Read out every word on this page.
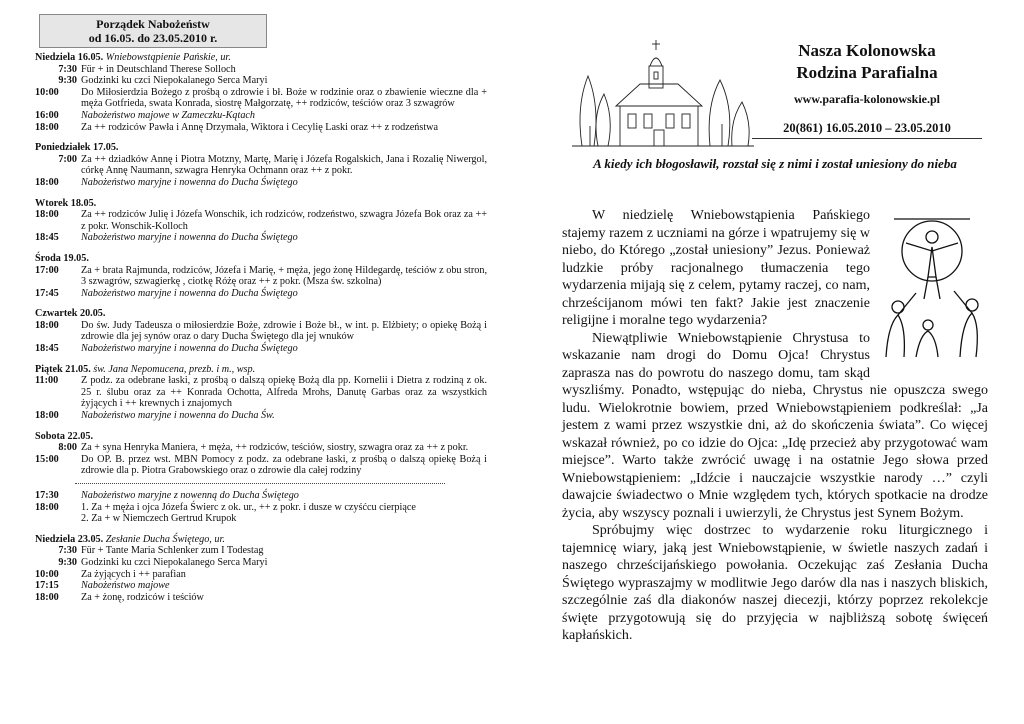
Porządek Nabożeństw
od 16.05. do 23.05.2010 r.
Niedziela 16.05. Wniebowstąpienie Pańskie, ur.
7:30 Für + in Deutschland Therese Solloch
9:30 Godzinki ku czci Niepokalanego Serca Maryi
10:00	Do Miłosierdzia Bożego z prośbą o zdrowie i bł. Boże w rodzinie oraz o zbawienie wieczne dla + męża Gotfrieda, swata Konrada, siostrę Małgorzatę, ++ rodziców, teściów oraz 3 szwagrów
16:00	Nabożeństwo majowe w Zameczku-Kątach
18:00	Za ++ rodziców Pawła i Annę Drzymała, Wiktora i Cecylię Laski oraz ++ z rodzeństwa
Poniedziałek 17.05.
7:00 Za ++ dziadków Annę i Piotra Motzny, Martę, Marię i Józefa Rogalskich, Jana i Rozalię Niwergol, córkę Annę Naumann, szwagra Henryka Ochmann oraz ++ z pokr.
18:00	Nabożeństwo maryjne i nowenna do Ducha Świętego
Wtorek 18.05.
18:00	Za ++ rodziców Julię i Józefa Wonschik, ich rodziców, rodzeństwo, szwagra Józefa Bok oraz za ++ z pokr. Wonschik-Kolloch
18:45	Nabożeństwo maryjne i nowenna do Ducha Świętego
Środa 19.05.
17:00	Za + brata Rajmunda, rodziców, Józefa i Marię, + męża, jego żonę Hildegardę, teściów z obu stron, 3 szwagrów, szwagierkę , ciotkę Różę oraz ++ z pokr. (Msza św. szkolna)
17:45	Nabożeństwo maryjne i nowenna do Ducha Świętego
Czwartek 20.05.
18:00	Do św. Judy Tadeusza o miłosierdzie Boże, zdrowie i Boże bł., w int. p. Elżbiety; o opiekę Bożą i zdrowie dla jej synów oraz o dary Ducha Świętego dla jej wnuków
18:45	Nabożeństwo maryjne i nowenna do Ducha Świętego
Piątek 21.05. św. Jana Nepomucena, prezb. i m., wsp.
11:00	Z podz. za odebrane łaski, z prośbą o dalszą opiekę Bożą dla pp. Kornelii i Dietra z rodziną z ok. 25 r. ślubu oraz za ++ Konrada Ochotta, Alfreda Mrohs, Danutę Garbas oraz za wszystkich żyjących i ++ krewnych i znajomych
18:00	Nabożeństwo maryjne i nowenna do Ducha Św.
Sobota 22.05.
8:00 Za + syna Henryka Maniera, + męża, ++ rodziców, teściów, siostry, szwagra oraz za ++ z pokr.
15:00	Do OP. B. przez wst. MBN Pomocy z podz. za odebrane łaski, z prośbą o dalszą opiekę Bożą i zdrowie dla p. Piotra Grabowskiego oraz o zdrowie dla całej rodziny
17:30	Nabożeństwo maryjne z nowenną do Ducha Świętego
18:00	1. Za + męża i ojca Józefa Świerc z ok. ur., ++ z pokr. i dusze w czyśćcu cierpiące
2. Za + w Niemczech Gertrud Krupok
Niedziela 23.05. Zesłanie Ducha Świętego, ur.
7:30 Für + Tante Maria Schlenker zum I Todestag
9:30 Godzinki ku czci Niepokalanego Serca Maryi
10:00	Za żyjących i ++ parafian
17:15	Nabożeństwo majowe
18:00	Za + żonę, rodziców i teściów
Nasza Kolonowska
Rodzina Parafialna
www.parafia-kolonowskie.pl
20(861) 16.05.2010 – 23.05.2010
A kiedy ich błogosławił, rozstał się z nimi i został uniesiony do nieba

W niedzielę Wniebowstąpienia Pańskiego stajemy razem z uczniami na górze i wpatrujemy się w niebo, do Którego „został uniesiony” Jezus. Ponieważ ludzkie próby racjonalnego tłumaczenia tego wydarzenia mijają się z celem, pytamy raczej, co nam, chrześcijanom mówi ten fakt? Jakie jest znaczenie religijne i moralne tego wydarzenia?

Niewątpliwie Wniebowstąpienie Chrystusa to wskazanie nam drogi do Domu Ojca! Chrystus zaprasza nas do powrotu do naszego domu, tam skąd wyszliśmy. Ponadto, wstępując do nieba, Chrystus nie opuszcza swego ludu. Wielokrotnie bowiem, przed Wniebowstąpieniem podkreślał: „Ja jestem z wami przez wszystkie dni, aż do skończenia świata”. Co więcej wskazał również, po co idzie do Ojca: „Idę przecież aby przygotować wam miejsce”. Warto także zwrócić uwagę i na ostatnie Jego słowa przed Wniebowstąpieniem: „Idźcie i nauczajcie wszystkie narody …” czyli dawajcie świadectwo o Mnie względem tych, których spotkacie na drodze życia, aby wszyscy poznali i uwierzyli, że Chrystus jest Synem Bożym.

Spróbujmy więc dostrzec to wydarzenie roku liturgicznego i tajemnicę wiary, jaką jest Wniebowstąpienie, w świetle naszych zadań i naszego chrześcijańskiego powołania. Oczekując zaś Zesłania Ducha Świętego wypraszajmy w modlitwie Jego darów dla nas i naszych bliskich, szczególnie zaś dla diakonów naszej diecezji, którzy poprzez rekolekcje święte przygotowują się do przyjęcia w najbliższą sobotę święceń kapłańskich.
